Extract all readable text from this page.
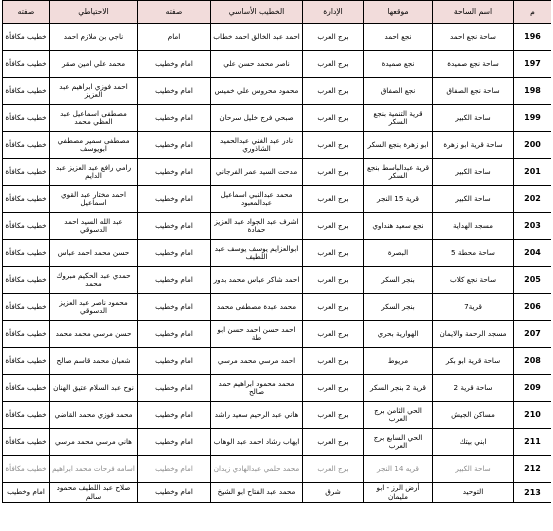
م	اسم الساحة	موقعها	الإدارة	الخطيب الأساسي	صفته	الاحتياطي	صفته
196	ساحة نجع احمد	نجع احمد	برج العرب	احمد عبد الخالق احمد خطاب	امام	ناجي بن ملازم احمد	خطيب مكافأة
197	ساحة نجع صميدة	نجع صميدة	برج العرب	ناصر محمد حسن علي	امام وخطيب	محمد علي امين صقر	خطيب مكافأة
198	ساحة نجع الصفاق	نجع الصفاق	برج العرب	محمود محروس علي خميس	امام وخطيب	احمد فوزي ابراهيم عبد العزيز	خطيب مكافأة
199	ساحة الكبير	قرية التنمية بنجع السكر	برج العرب	صبحي فرج خليل سرحان	امام وخطيب	مصطفى اسماعيل عبد العظي محمد	خطيب مكافأة
200	ساحة قرية ابو زهرة	ابو زهرة بنجع السكر	برج العرب	نادر عبد الغني عبدالحميد الشاذوري	امام وخطيب	مصطفى سمير مصطفي ابويوسف	خطيب مكافأة
201	ساحة الكبير	قرية عبدالباسط بنجع السكر	برج العرب	مدحت السيد عمر الفرجاني	امام وخطيب	رامي رافع عبد العزيز عبد الدايم	خطيب مكافأة
202	ساحة الكبير	قرية 15 النجر	برج العرب	محمد عبدالنبي اسماعيل عبدالمعبود	امام وخطيب	احمد مختار عبد القوي اسماعيل	خطيب مكافأة
203	مسجد الهداية	نجع سعيد هنداوي	برج العرب	اشرف عبد الجواد عبد العزيز حمادة	امام وخطيب	عبد الله السيد احمد الدسوقي	خطيب مكافأة
204	ساحة محطة 5	البصرة	برج العرب	ابوالعزايم يوسف يوسف عبد اللطيف	امام وخطيب	حسن محمد احمد عباس	خطيب مكافأة
205	ساحة نجع كلاب	بنجر السكر	برج العرب	احمد شاكر عباس محمد بدور	امام وخطيب	حمدي عبد الحكيم مبروك محمد	خطيب مكافأة
206	قرية7	بنجر السكر	برج العرب	محمد عبدة مصطفى محمد	امام وخطيب	محمود ناصر عبد العزيز الدسوقي	خطيب مكافأة
207	مسجد الرحمة والايمان	الهوارية بحري	برج العرب	احمد حسن احمد حسن ابو طة	امام وخطيب	حسن مرسي محمد محمد	خطيب مكافأة
208	ساحة قرية ابو بكر	مريوط	برج العرب	احمد مرسي محمد مرسي	امام وخطيب	شعبان محمد قاسم صالح	خطيب مكافأة
209	ساحة قرية 2	قرية 2 بنجر السكر	برج العرب	محمد محمود ابراهيم حمد صالح	امام وخطيب	نوح عبد السلام عتيق الهنان	خطيب مكافأة
210	مساكن الجيش	الحي الثامن برج العرب	برج العرب	هاني عبد الرحيم سعيد راشد	امام وخطيب	محمد فوزي محمد القاضي	خطيب مكافأة
211	ابني بيتك	الحي السابع برج العرب	برج العرب	ايهاب رشاد احمد عبد الوهاب	امام وخطيب	هاني مرسي محمد مرسي	خطيب مكافأة
212	ساحة الكبير	قريه 14 النجر	برج العرب	محمد حلمي عبدالهادي زيدان	امام وخطيب	اسامه فرحات محمد ابراهيم	خطيب مكافأة
213	التوحيد	أرض الرز - ابو مليمان	شرق	محمد عبد الفتاح ابو الشيخ	امام وخطيب	صلاح عبد اللطيف محمود سالم	امام وخطيب
